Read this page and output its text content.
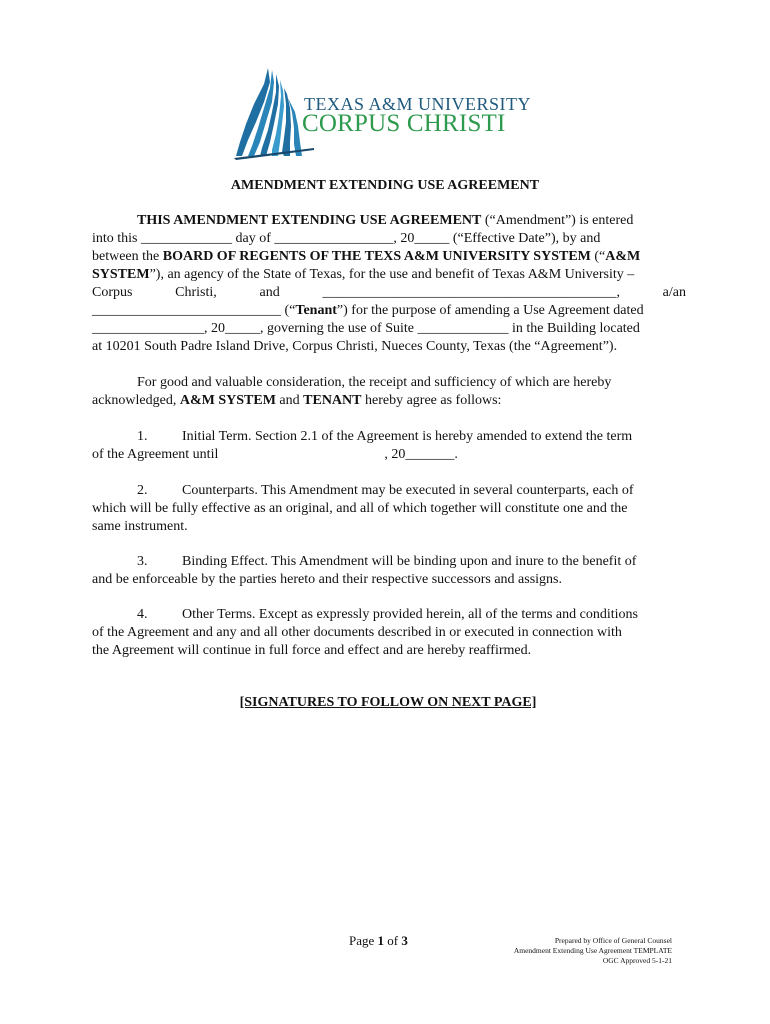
TEXAS A&M UNIVERSITY
CORPUS CHRISTI
AMENDMENT EXTENDING USE AGREEMENT
THIS AMENDMENT EXTENDING USE AGREEMENT (“Amendment”) is entered
into this _____________ day of _________________, 20_____ (“Effective Date”), by and
between the BOARD OF REGENTS OF THE TEXS A&M UNIVERSITY SYSTEM (“A&M
SYSTEM”), an agency of the State of Texas, for the use and benefit of Texas A&M University –
Corpus	Christi,	and	__________________________________________,	a/an
___________________________ (“Tenant”) for the purpose of amending a Use Agreement dated
________________, 20_____, governing the use of Suite _____________ in the Building located
at 10201 South Padre Island Drive, Corpus Christi, Nueces County, Texas (the “Agreement”).
For good and valuable consideration, the receipt and sufficiency of which are hereby
acknowledged, A&M SYSTEM and TENANT hereby agree as follows:
1. Initial Term. Section 2.1 of the Agreement is hereby amended to extend the term
of the Agreement until	, 20_______.
2. Counterparts. This Amendment may be executed in several counterparts, each of
which will be fully effective as an original, and all of which together will constitute one and the
same instrument.
3. Binding Effect. This Amendment will be binding upon and inure to the benefit of
and be enforceable by the parties hereto and their respective successors and assigns.
4. Other Terms. Except as expressly provided herein, all of the terms and conditions
of the Agreement and any and all other documents described in or executed in connection with
the Agreement will continue in full force and effect and are hereby reaffirmed.
[SIGNATURES TO FOLLOW ON NEXT PAGE]
Page 1 of 3	Prepared by Office of General Counsel
Amendment Extending Use Agreement TEMPLATE
OGC Approved 5-1-21
